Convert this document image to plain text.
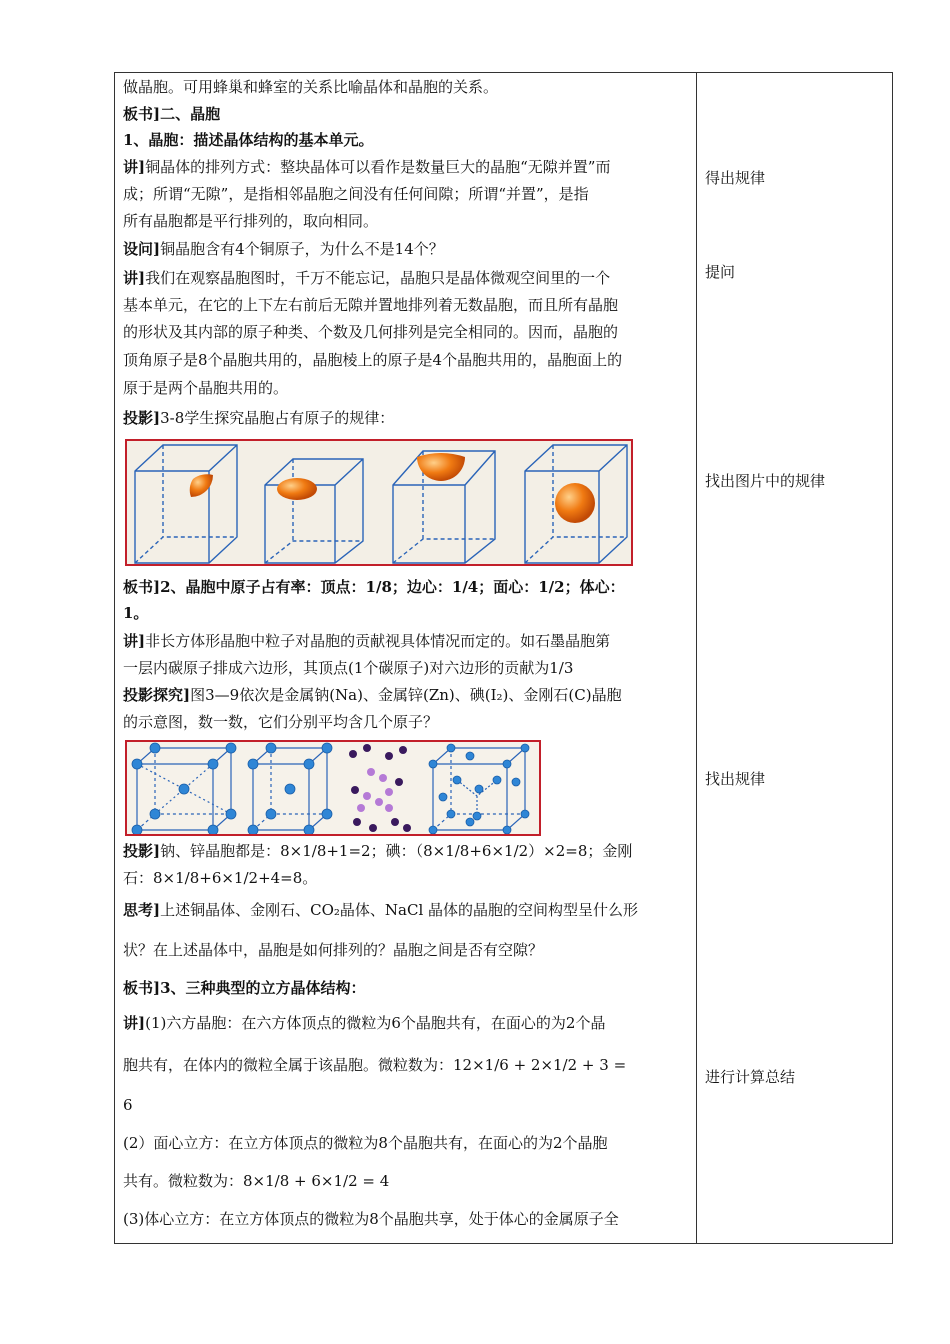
做晶胞。可用蜂巢和蜂室的关系比喻晶体和晶胞的关系。
板书]二、晶胞
1、晶胞：描述晶体结构的基本单元。
讲]铜晶体的排列方式：整块晶体可以看作是数量巨大的晶胞“无隙并置”而
成；所谓“无隙”，是指相邻晶胞之间没有任何间隙；所谓“并置”，是指
所有晶胞都是平行排列的，取向相同。
设问]铜晶胞含有4个铜原子，为什么不是14个？
讲]我们在观察晶胞图时，千万不能忘记，晶胞只是晶体微观空间里的一个
基本单元，在它的上下左右前后无隙并置地排列着无数晶胞，而且所有晶胞
的形状及其内部的原子种类、个数及几何排列是完全相同的。因而，晶胞的
顶角原子是8个晶胞共用的，晶胞棱上的原子是4个晶胞共用的，晶胞面上的
原于是两个晶胞共用的。
投影]3-8学生探究晶胞占有原子的规律：
板书]2、晶胞中原子占有率：顶点：1/8；边心：1/4；面心：1/2；体心：
1。
讲]非长方体形晶胞中粒子对晶胞的贡献视具体情况而定的。如石墨晶胞第
一层内碳原子排成六边形，其顶点(1个碳原子)对六边形的贡献为1/3
投影探究]图3—9依次是金属钠(Na)、金属锌(Zn)、碘(I₂)、金刚石(C)晶胞
的示意图，数一数，它们分别平均含几个原子？
投影]钠、锌晶胞都是：8×1/8+1=2；碘：（8×1/8+6×1/2）×2=8；金刚
石：8×1/8+6×1/2+4=8。
思考]上述铜晶体、金刚石、CO₂晶体、NaCl 晶体的晶胞的空间构型呈什么形
状？在上述晶体中，晶胞是如何排列的？晶胞之间是否有空隙？
板书]3、三种典型的立方晶体结构：
讲](1)六方晶胞：在六方体顶点的微粒为6个晶胞共有，在面心的为2个晶
胞共有，在体内的微粒全属于该晶胞。微粒数为：12×1/6 + 2×1/2 + 3 =
6
(2）面心立方：在立方体顶点的微粒为8个晶胞共有，在面心的为2个晶胞
共有。微粒数为：8×1/8 + 6×1/2 = 4
(3)体心立方：在立方体顶点的微粒为8个晶胞共享，处于体心的金属原子全
得出规律
提问
找出图片中的规律
找出规律
进行计算总结
